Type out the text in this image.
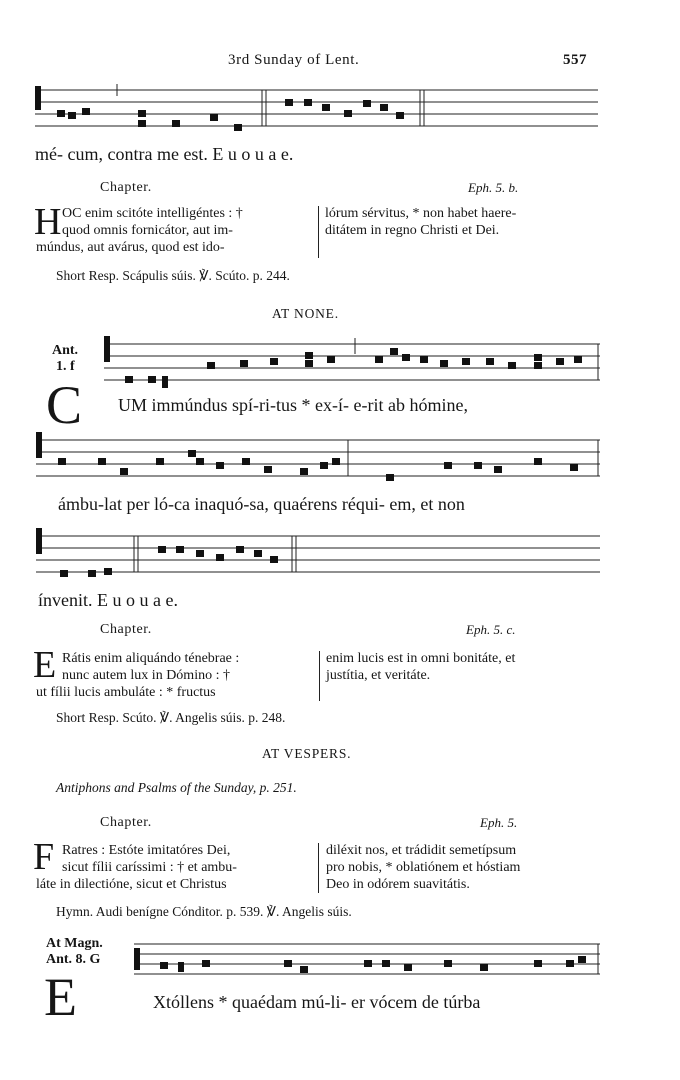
3rd Sunday of Lent.	557
mé- cum, contra me est. E u o u a e.
Chapter.	Eph. 5. b.
H OC enim scitóte intelligéntes : †
quod omnis fornicátor, aut im-
múndus, aut avárus, quod est ido-
lórum sérvitus, * non habet haere-
ditátem in regno Christi et Dei.
Short Resp. Scápulis súis. ℣. Scúto. p. 244.
AT NONE.
Ant.
1. f
C UM immúndus spí-ri-tus * ex-í- e-rit ab hómine,
ámbu-lat per ló-ca inaquó-sa, quaérens réqui- em, et non
ínvenit. E u o u a e.
Chapter.	Eph. 5. c.
E Rátis enim aliquándo ténebrae :
nunc autem lux in Dómino : †
ut fílii lucis ambuláte : * fructus
enim lucis est in omni bonitáte, et
justítia, et veritáte.
Short Resp. Scúto. ℣. Angelis súis. p. 248.
AT VESPERS.
Antiphons and Psalms of the Sunday, p. 251.
Chapter.	Eph. 5.
F Ratres : Estóte imitatóres Dei,
sicut fílii caríssimi : † et ambu-
láte in dilectióne, sicut et Christus
diléxit nos, et trádidit semetípsum
pro nobis, * oblatiónem et hóstiam
Deo in odórem suavitátis.
Hymn. Audi benígne Cónditor. p. 539. ℣. Angelis súis.
At Magn.
Ant. 8. G
E	Xtóllens * quaédam mú-li- er vócem de túrba
